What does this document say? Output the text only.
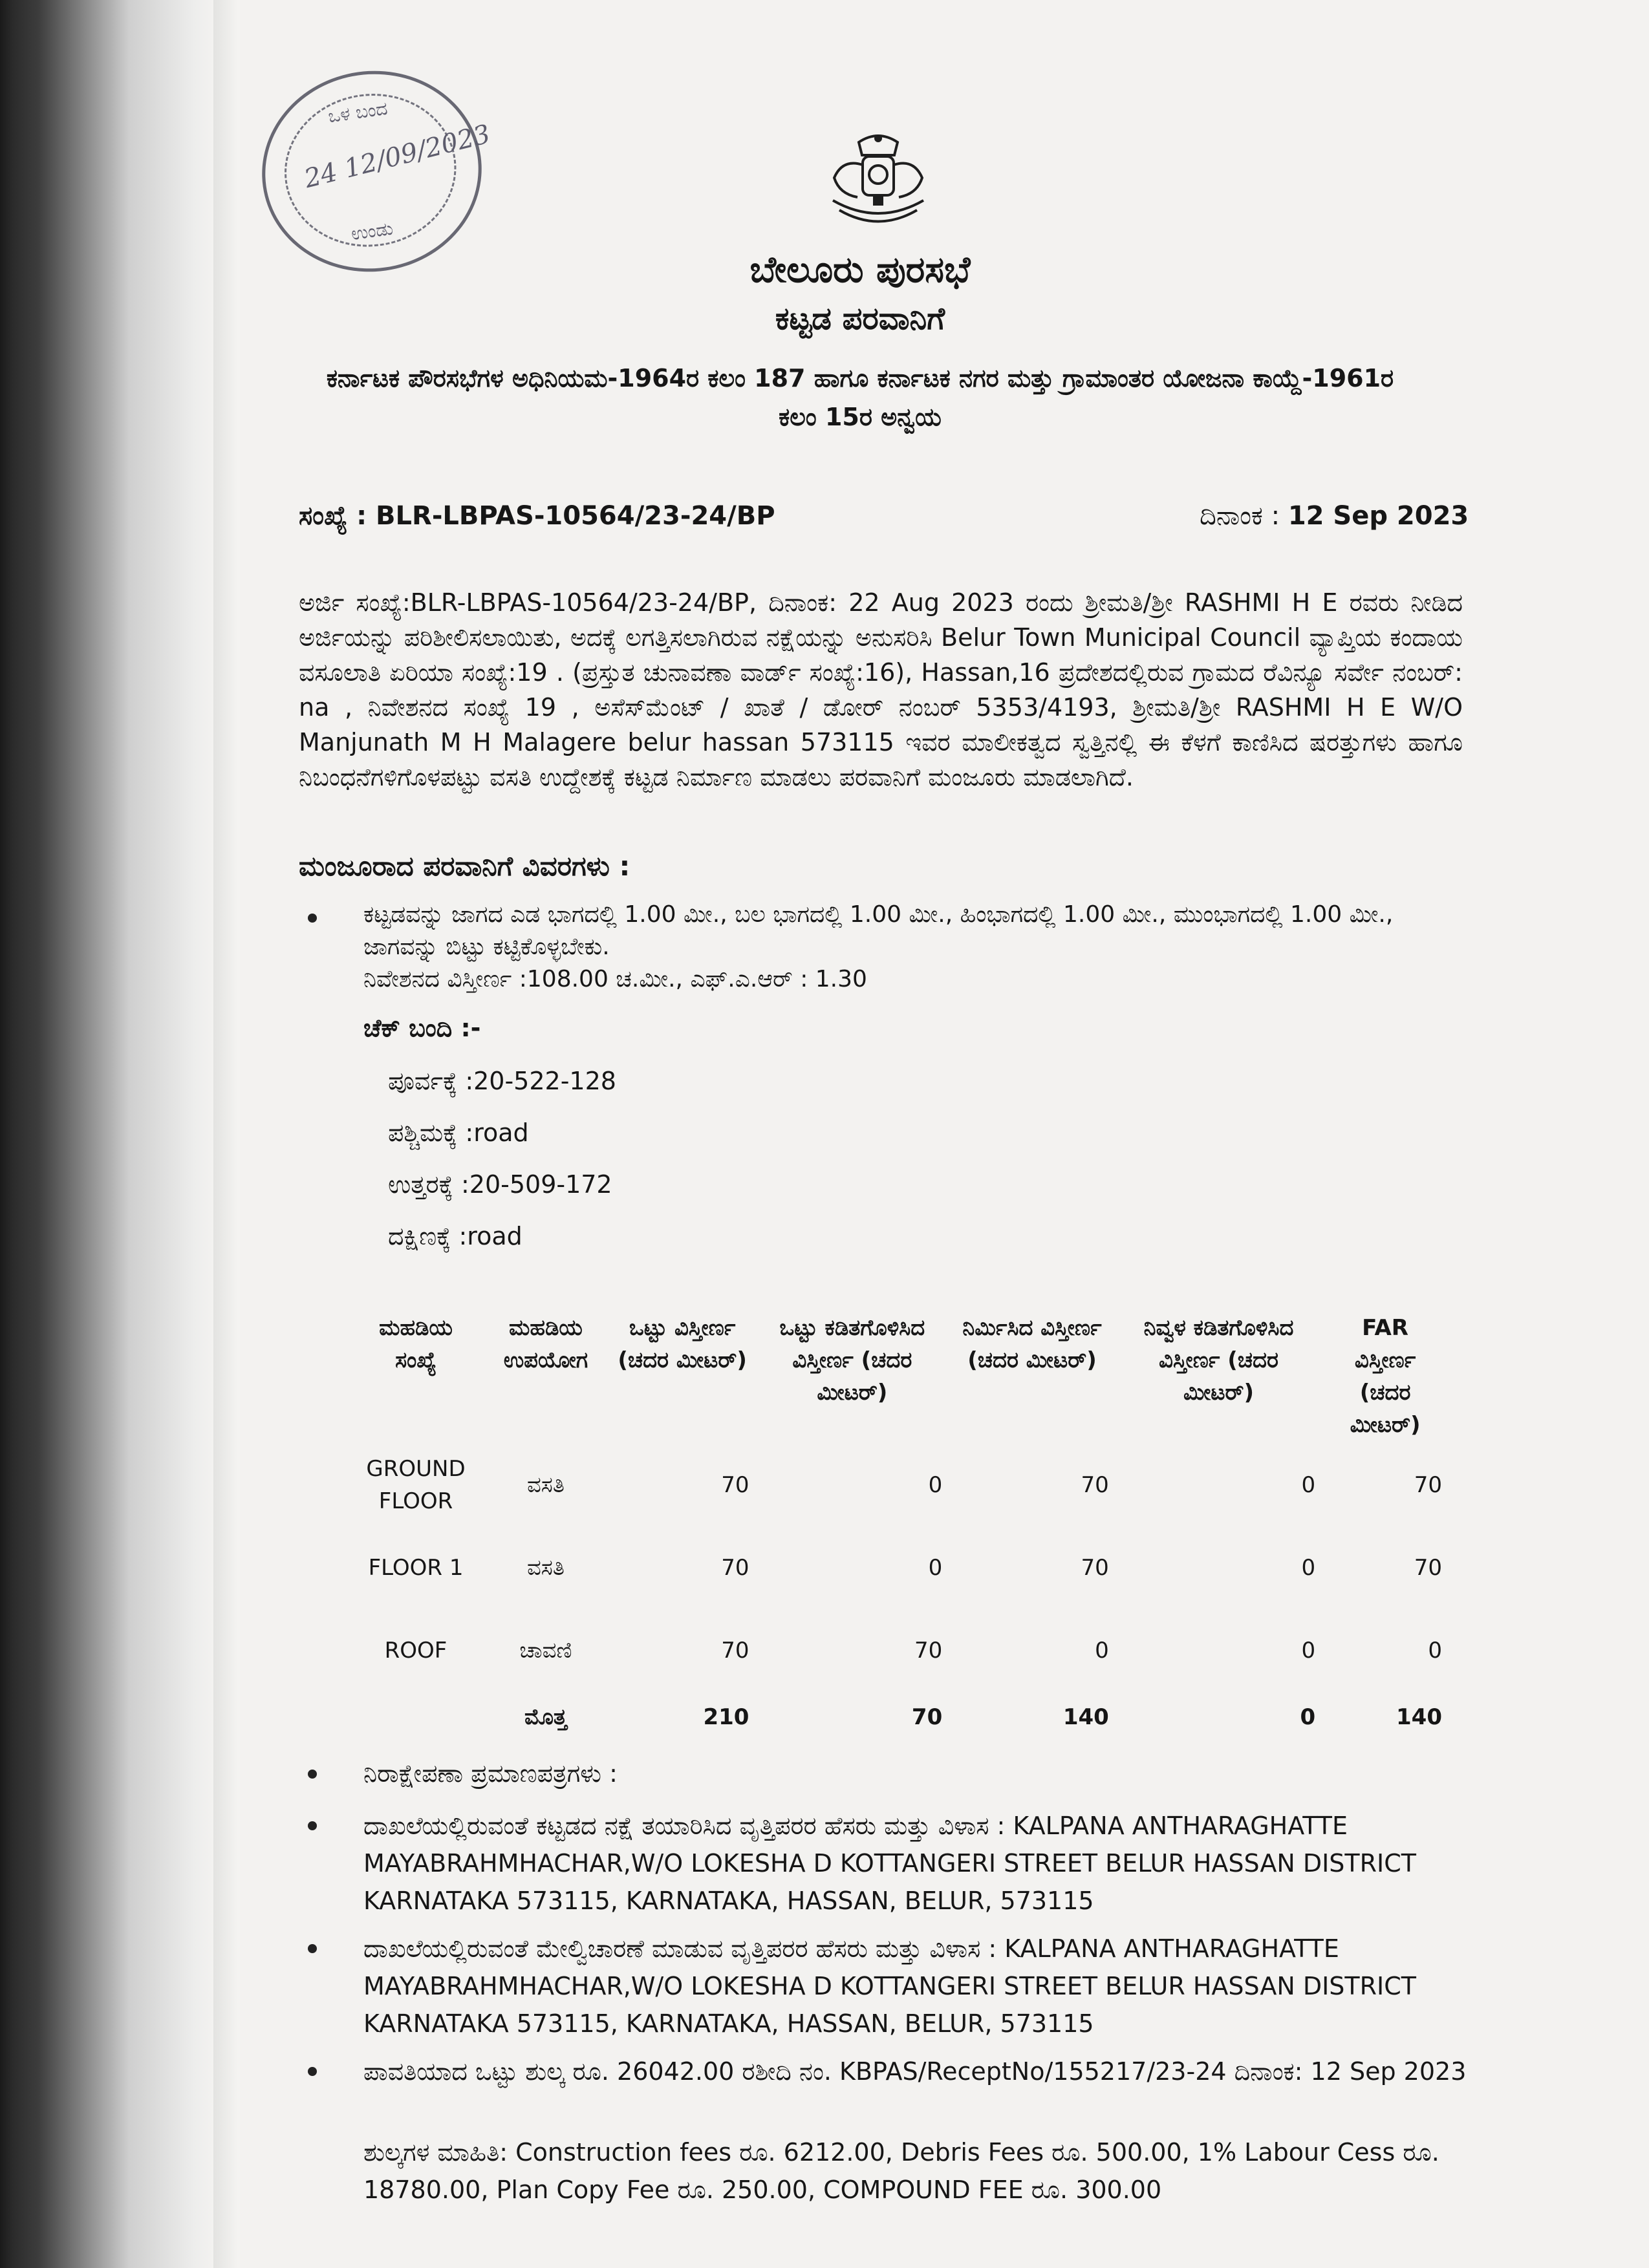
ಒಳ ಬಂದ
24 12/09/2023
ಉಂಡು
ಬೇಲೂರು ಪುರಸಭೆ
ಕಟ್ಟಡ ಪರವಾನಿಗೆ
ಕರ್ನಾಟಕ ಪೌರಸಭೆಗಳ ಅಧಿನಿಯಮ-1964ರ ಕಲಂ 187 ಹಾಗೂ ಕರ್ನಾಟಕ ನಗರ ಮತ್ತು ಗ್ರಾಮಾಂತರ ಯೋಜನಾ ಕಾಯ್ದೆ-1961ರ
ಕಲಂ 15ರ ಅನ್ವಯ
ಸಂಖ್ಯೆ : BLR-LBPAS-10564/23-24/BP	ದಿನಾಂಕ : 12 Sep 2023
ಅರ್ಜಿ ಸಂಖ್ಯೆ:BLR-LBPAS-10564/23-24/BP, ದಿನಾಂಕ: 22 Aug 2023 ರಂದು ಶ್ರೀಮತಿ/ಶ್ರೀ RASHMI H E ರವರು ನೀಡಿದ ಅರ್ಜಿಯನ್ನು ಪರಿಶೀಲಿಸಲಾಯಿತು, ಅದಕ್ಕೆ ಲಗತ್ತಿಸಲಾಗಿರುವ ನಕ್ಷೆಯನ್ನು ಅನುಸರಿಸಿ Belur Town Municipal Council ವ್ಯಾಪ್ತಿಯ ಕಂದಾಯ ವಸೂಲಾತಿ ಏರಿಯಾ ಸಂಖ್ಯೆ:19 . (ಪ್ರಸ್ತುತ ಚುನಾವಣಾ ವಾರ್ಡ್ ಸಂಖ್ಯೆ:16), Hassan,16 ಪ್ರದೇಶದಲ್ಲಿರುವ ಗ್ರಾಮದ ರೆವಿನ್ಯೂ ಸರ್ವೇ ನಂಬರ್: na , ನಿವೇಶನದ ಸಂಖ್ಯೆ 19 , ಅಸೆಸ್‌ಮೆಂಟ್ / ಖಾತೆ / ಡೋರ್ ನಂಬರ್ 5353/4193, ಶ್ರೀಮತಿ/ಶ್ರೀ RASHMI H E W/O Manjunath M H Malagere belur hassan 573115 ಇವರ ಮಾಲೀಕತ್ವದ ಸ್ವತ್ತಿನಲ್ಲಿ ಈ ಕೆಳಗೆ ಕಾಣಿಸಿದ ಷರತ್ತುಗಳು ಹಾಗೂ ನಿಬಂಧನೆಗಳಿಗೊಳಪಟ್ಟು ವಸತಿ ಉದ್ದೇಶಕ್ಕೆ ಕಟ್ಟಡ ನಿರ್ಮಾಣ ಮಾಡಲು ಪರವಾನಿಗೆ ಮಂಜೂರು ಮಾಡಲಾಗಿದೆ.
ಮಂಜೂರಾದ ಪರವಾನಿಗೆ ವಿವರಗಳು :
ಕಟ್ಟಡವನ್ನು ಜಾಗದ ಎಡ ಭಾಗದಲ್ಲಿ 1.00 ಮೀ., ಬಲ ಭಾಗದಲ್ಲಿ 1.00 ಮೀ., ಹಿಂಭಾಗದಲ್ಲಿ 1.00 ಮೀ., ಮುಂಭಾಗದಲ್ಲಿ 1.00 ಮೀ.,
ಜಾಗವನ್ನು ಬಿಟ್ಟು ಕಟ್ಟಿಕೊಳ್ಳಬೇಕು.
ನಿವೇಶನದ ವಿಸ್ತೀರ್ಣ :108.00 ಚ.ಮೀ., ಎಫ್.ಎ.ಆರ್ : 1.30
ಚೆಕ್ ಬಂದಿ :-
ಪೂರ್ವಕ್ಕೆ :20-522-128
ಪಶ್ಚಿಮಕ್ಕೆ :road
ಉತ್ತರಕ್ಕೆ :20-509-172
ದಕ್ಷಿಣಕ್ಕೆ :road
ಮಹಡಿಯ ಸಂಖ್ಯೆ	ಮಹಡಿಯ ಉಪಯೋಗ	ಒಟ್ಟು ವಿಸ್ತೀರ್ಣ (ಚದರ ಮೀಟರ್)	ಒಟ್ಟು ಕಡಿತಗೊಳಿಸಿದ ವಿಸ್ತೀರ್ಣ (ಚದರ ಮೀಟರ್)	ನಿರ್ಮಿಸಿದ ವಿಸ್ತೀರ್ಣ (ಚದರ ಮೀಟರ್)	ನಿವ್ವಳ ಕಡಿತಗೊಳಿಸಿದ ವಿಸ್ತೀರ್ಣ (ಚದರ ಮೀಟರ್)	FAR ವಿಸ್ತೀರ್ಣ (ಚದರ ಮೀಟರ್)
GROUND FLOOR	ವಸತಿ	70	0	70	0	70
FLOOR 1	ವಸತಿ	70	0	70	0	70
ROOF	ಚಾವಣಿ	70	70	0	0	0
	ಮೊತ್ತ	210	70	140	0	140
ನಿರಾಕ್ಷೇಪಣಾ ಪ್ರಮಾಣಪತ್ರಗಳು :
ದಾಖಲೆಯಲ್ಲಿರುವಂತೆ ಕಟ್ಟಡದ ನಕ್ಷೆ ತಯಾರಿಸಿದ ವೃತ್ತಿಪರರ ಹೆಸರು ಮತ್ತು ವಿಳಾಸ : KALPANA ANTHARAGHATTE MAYABRAHMHACHAR,W/O LOKESHA D KOTTANGERI STREET BELUR HASSAN DISTRICT KARNATAKA 573115, KARNATAKA, HASSAN, BELUR, 573115
ದಾಖಲೆಯಲ್ಲಿರುವಂತೆ ಮೇಲ್ವಿಚಾರಣೆ ಮಾಡುವ ವೃತ್ತಿಪರರ ಹೆಸರು ಮತ್ತು ವಿಳಾಸ : KALPANA ANTHARAGHATTE MAYABRAHMHACHAR,W/O LOKESHA D KOTTANGERI STREET BELUR HASSAN DISTRICT KARNATAKA 573115, KARNATAKA, HASSAN, BELUR, 573115
ಪಾವತಿಯಾದ ಒಟ್ಟು ಶುಲ್ಕ ರೂ. 26042.00 ರಶೀದಿ ನಂ. KBPAS/ReceptNo/155217/23-24 ದಿನಾಂಕ: 12 Sep 2023
ಶುಲ್ಕಗಳ ಮಾಹಿತಿ: Construction fees ರೂ. 6212.00, Debris Fees ರೂ. 500.00, 1% Labour Cess ರೂ. 18780.00, Plan Copy Fee ರೂ. 250.00, COMPOUND FEE ರೂ. 300.00
